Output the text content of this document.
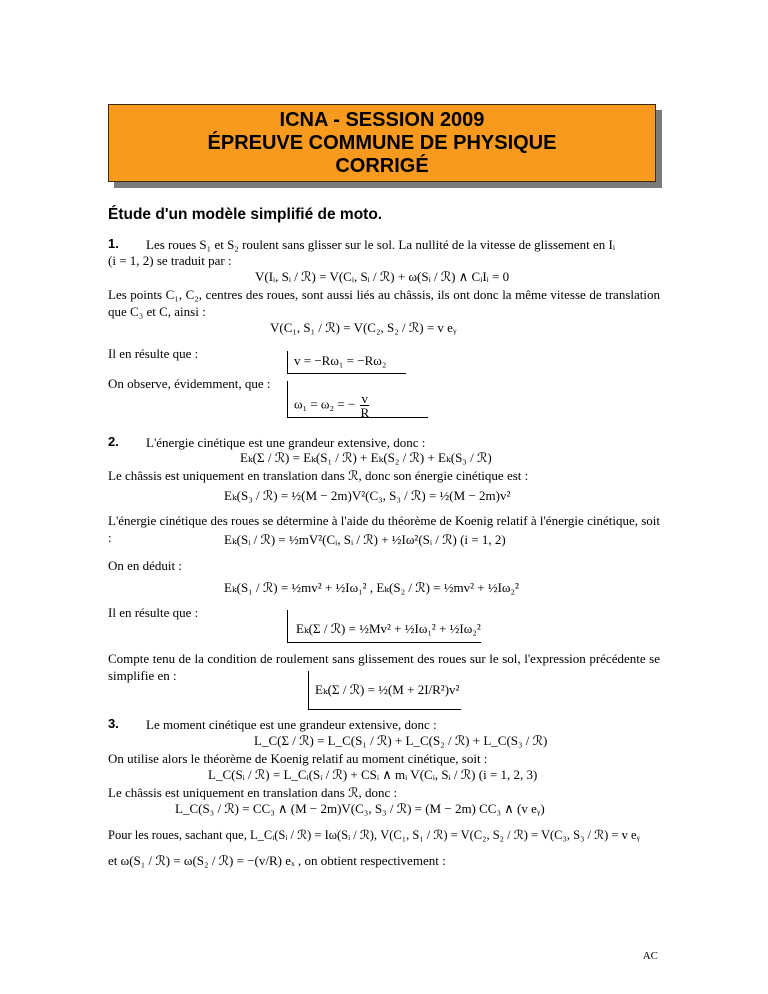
ICNA - SESSION 2009
ÉPREUVE COMMUNE DE PHYSIQUE
CORRIGÉ
Étude d'un modèle simplifié de moto.
1.	Les roues S₁ et S₂ roulent sans glisser sur le sol. La nullité de la vitesse de glissement en Iᵢ
(i = 1, 2) se traduit par :
V(Iᵢ, Sᵢ / ℛ) = V(Cᵢ, Sᵢ / ℛ) + ω(Sᵢ / ℛ) ∧ CᵢIᵢ = 0
Les points C₁, C₂, centres des roues, sont aussi liés au châssis, ils ont donc la même vitesse de translation que C₃ et C, ainsi :
V(C₁, S₁ / ℛ) = V(C₂, S₂ / ℛ) = v eᵧ
Il en résulte que :	v = −Rω₁ = −Rω₂
On observe, évidemment, que :
ω₁ = ω₂ = − $\frac{v}{R}$
2.	L'énergie cinétique est une grandeur extensive, donc :
Eₖ(Σ / ℛ) = Eₖ(S₁ / ℛ) + Eₖ(S₂ / ℛ) + Eₖ(S₃ / ℛ)
Le châssis est uniquement en translation dans ℛ, donc son énergie cinétique est :
Eₖ(S₃ / ℛ) = ½(M − 2m)V²(C₃, S₃ / ℛ) = ½(M − 2m)v²
L'énergie cinétique des roues se détermine à l'aide du théorème de Koenig relatif à l'énergie cinétique, soit :	Eₖ(Sᵢ / ℛ) = ½mV²(Cᵢ, Sᵢ / ℛ) + ½Iω²(Sᵢ / ℛ) (i = 1, 2)
On en déduit :
Eₖ(S₁ / ℛ) = ½mv² + ½Iω₁² , Eₖ(S₂ / ℛ) = ½mv² + ½Iω₂²
Il en résulte que :
Eₖ(Σ / ℛ) = ½Mv² + ½Iω₁² + ½Iω₂²
Compte tenu de la condition de roulement sans glissement des roues sur le sol, l'expression précédente se simplifie en :
Eₖ(Σ / ℛ) = ½(M + 2I/R²)v²
3.	Le moment cinétique est une grandeur extensive, donc :
L_C(Σ / ℛ) = L_C(S₁ / ℛ) + L_C(S₂ / ℛ) + L_C(S₃ / ℛ)
On utilise alors le théorème de Koenig relatif au moment cinétique, soit :
L_C(Sᵢ / ℛ) = L_Cᵢ(Sᵢ / ℛ) + CSᵢ ∧ mᵢ V(Cᵢ, Sᵢ / ℛ) (i = 1, 2, 3)
Le châssis est uniquement en translation dans ℛ, donc :
L_C(S₃ / ℛ) = CC₃ ∧ (M − 2m)V(C₃, S₃ / ℛ) = (M − 2m) CC₃ ∧ (v eᵧ)
Pour les roues, sachant que, L_Cᵢ(Sᵢ / ℛ) = Iω(Sᵢ / ℛ), V(C₁, S₁ / ℛ) = V(C₂, S₂ / ℛ) = V(C₃, S₃ / ℛ) = v eᵧ
et ω(S₁ / ℛ) = ω(S₂ / ℛ) = −(v/R) eₓ , on obtient respectivement :
AC
